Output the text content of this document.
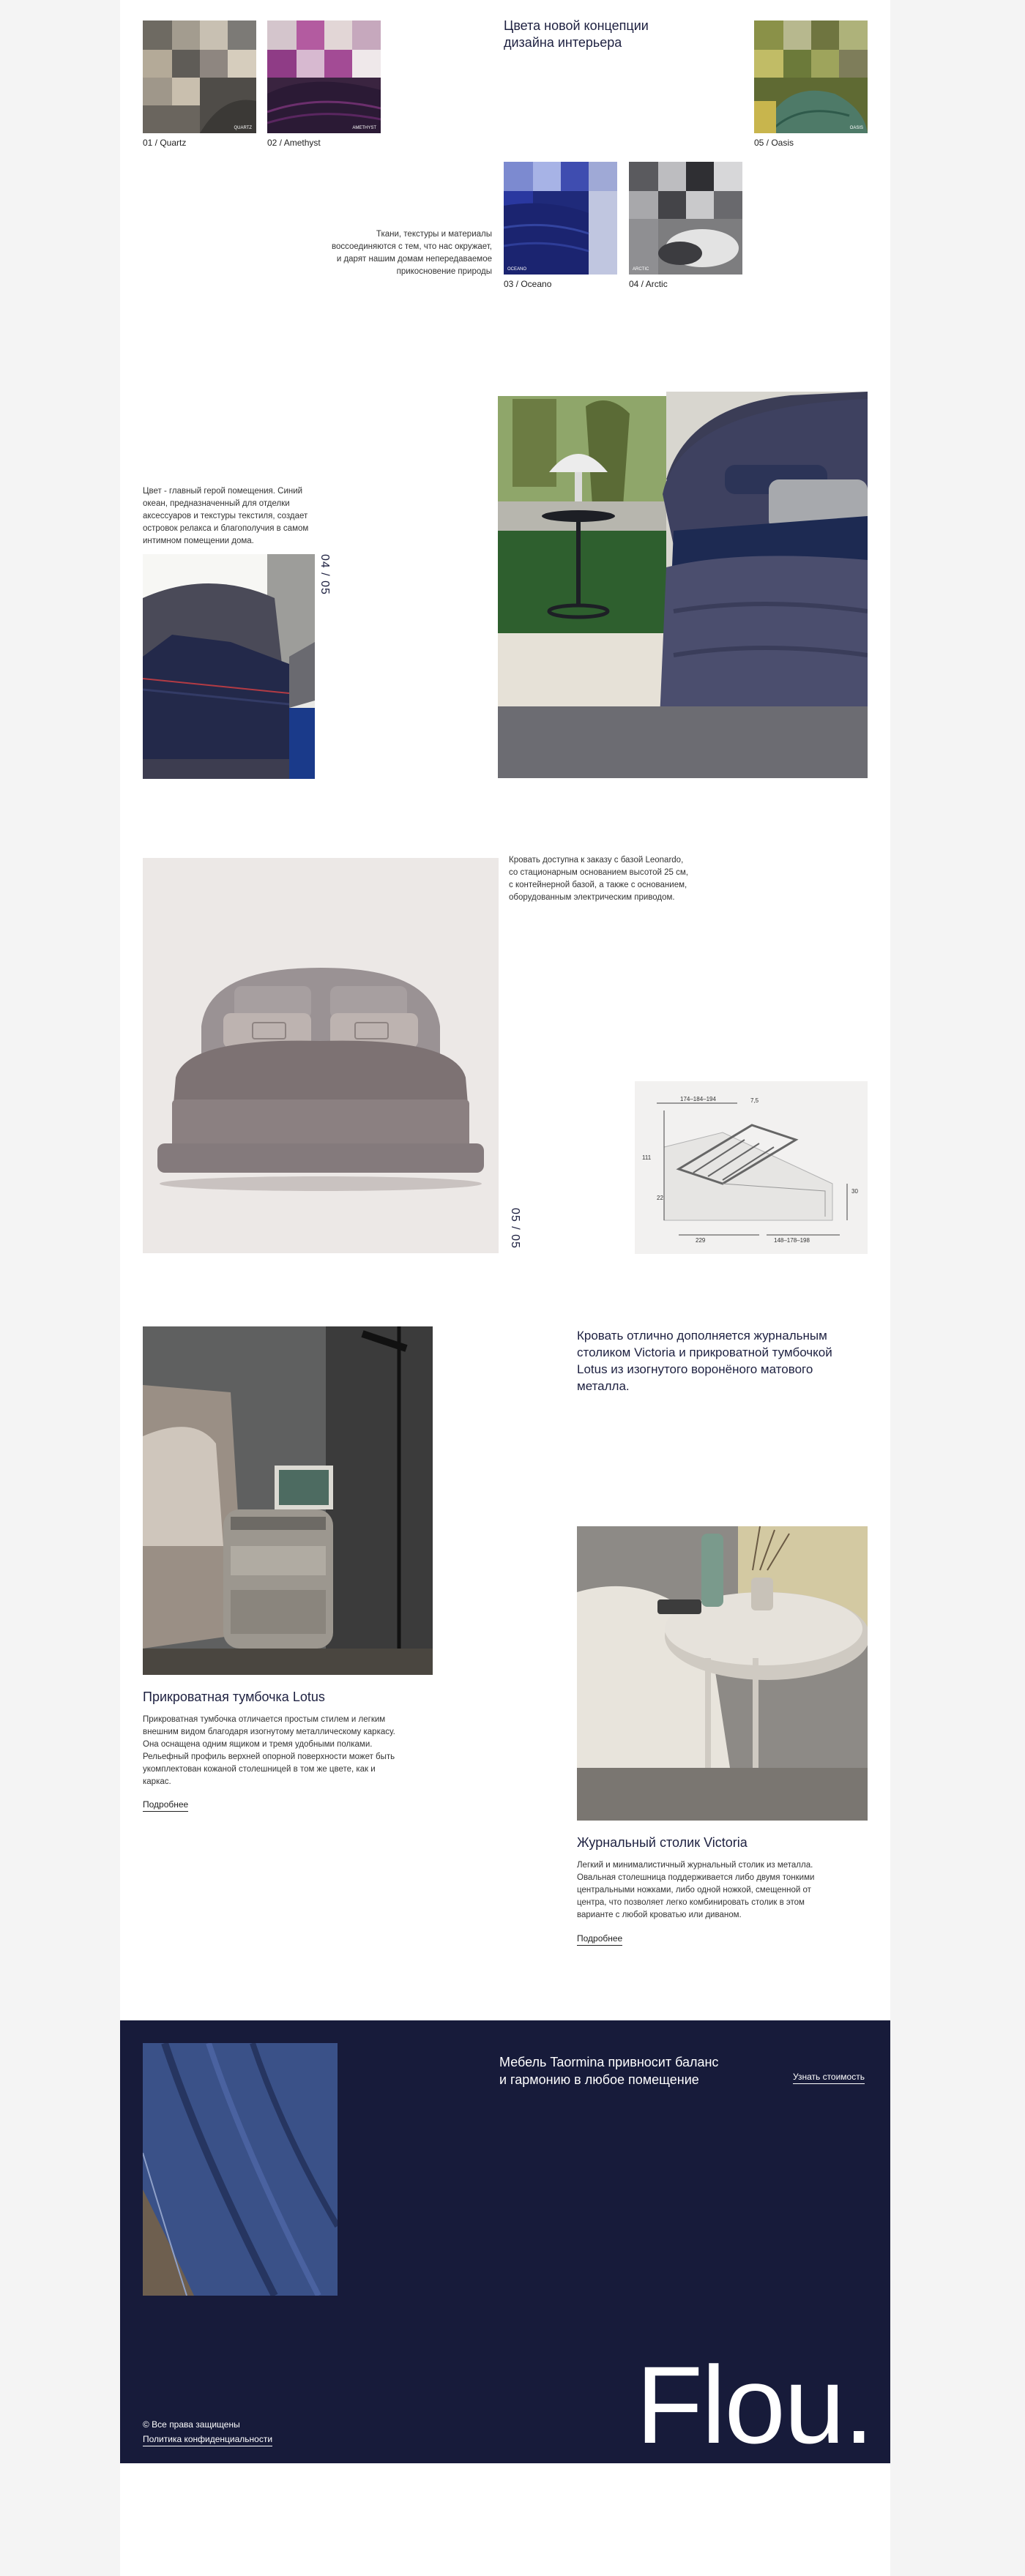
QUARTZ
01 / Quartz
AMETHYST
02 / Amethyst
Цвета новой концепции
дизайна интерьера
OASIS
05 / Oasis
Ткани, текстуры и материалы
воссоединяются с тем, что нас окружает,
и дарят нашим домам непередаваемое
прикосновение природы	OCEANO
03 / Oceano
ARCTIC
04 / Arctic
Цвет - главный герой помещения. Синий
океан, предназначенный для отделки
аксессуаров и текстуры текстиля, создает
островок релакса и благополучия в самом
интимном помещении дома.
04 / 05
05 / 05
Кровать доступна к заказу с базой Leonardo,
со стационарным основанием высотой 25 см,
с контейнерной базой, а также с основанием,
оборудованным электрическим приводом.
174–184–194	7,5
111
22
30
229	148–178–198
Прикроватная тумбочка Lotus
Прикроватная тумбочка отличается простым стилем и легким
внешним видом благодаря изогнутому металлическому каркасу.
Она оснащена одним ящиком и тремя удобными полками.
Рельефный профиль верхней опорной поверхности может быть
укомплектован кожаной столешницей в том же цвете, как и
каркас.
Подробнее
Кровать отлично дополняется журнальным
столиком Victoria и прикроватной тумбочкой
Lotus из изогнутого воронёного матового
металла.
Журнальный столик Victoria
Легкий и минималистичный журнальный столик из металла.
Овальная столешница поддерживается либо двумя тонкими
центральными ножками, либо одной ножкой, смещенной от
центра, что позволяет легко комбинировать столик в этом
варианте с любой кроватью или диваном.
Подробнее
Мебель Taormina привносит баланс
и гармонию в любое помещение	Узнать стоимость
© Все права защищены
Политика конфиденциальности	Flou.
